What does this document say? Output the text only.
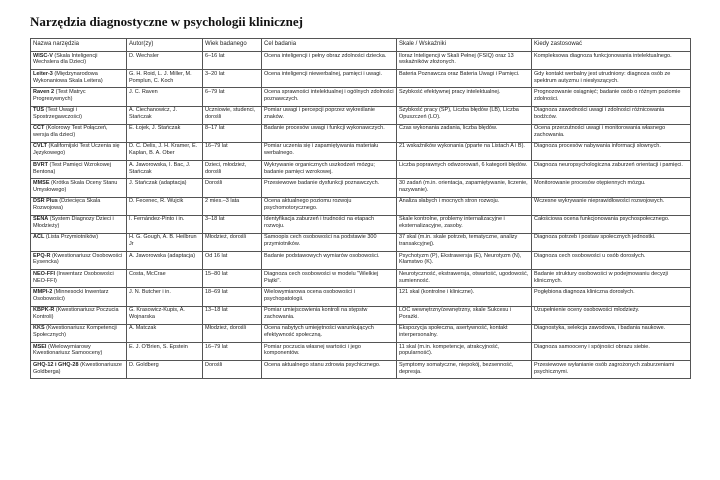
Narzędzia diagnostyczne w psychologii klinicznej
Nazwa narzędzia	Autor(zy)	Wiek badanego	Cel badania	Skale / Wskaźniki	Kiedy zastosować
WISC-V (Skala Inteligencji Wechslera dla Dzieci)	D. Wechsler	6–16 lat	Ocena inteligencji i pełny obraz zdolności dziecka.	Iloraz Inteligencji w Skali Pełnej (FSIQ) oraz 13 wskaźników złożonych.	Kompleksowa diagnoza funkcjonowania intelektualnego.
Leiter-3 (Międzynarodowa Wykonaniowa Skala Leitera)	G. H. Roid, L. J. Miller, M. Pomplun, C. Koch	3–20 lat	Ocena inteligencji niewerbalnej, pamięci i uwagi.	Bateria Poznawcza oraz Bateria Uwagi i Pamięci.	Gdy kontakt werbalny jest utrudniony: diagnoza osób ze spektrum autyzmu i niesłyszących.
Raven 2 (Test Matryc Progresywnych)	J. C. Raven	6–79 lat	Ocena sprawności intelektualnej i ogólnych zdolności poznawczych.	Szybkość efektywnej pracy intelektualnej.	Prognozowanie osiągnięć; badanie osób o różnym poziomie zdolności.
TUS (Test Uwagi i Spostrzegawczości)	A. Ciechanowicz, J. Stańczak	Uczniowie, studenci, dorośli	Pomiar uwagi i percepcji poprzez wykreślanie znaków.	Szybkość pracy (SP), Liczba błędów (LB), Liczba Opuszczeń (LO).	Diagnoza zawodności uwagi i zdolności różnicowania bodźców.
CCT (Kolorowy Test Połączeń, wersja dla dzieci)	E. Łojek, J. Stańczak	8–17 lat	Badanie procesów uwagi i funkcji wykonawczych.	Czas wykonania zadania, liczba błędów.	Ocena przerzutności uwagi i monitorowania własnego zachowania.
CVLT (Kalifornijski Test Uczenia się Językowego)	D. C. Delis, J. H. Kramer, E. Kaplan, B. A. Ober	16–79 lat	Pomiar uczenia się i zapamiętywania materiału werbalnego.	21 wskaźników wykonania (pparte na Listach A i B).	Diagnoza procesów nabywania informacji słownych.
BVRT (Test Pamięci Wzrokowej Bentona)	A. Jaworowska, I. Bac, J. Stańczak	Dzieci, młodzież, dorośli	Wykrywanie organicznych uszkodzeń mózgu; badanie pamięci wzrokowej.	Liczba poprawnych odwzorowań, 6 kategorii błędów.	Diagnoza neuropsychologiczna zaburzeń orientacji i pamięci.
MMSE (Krótka Skala Oceny Stanu Umysłowego)	J. Stańczak (adaptacja)	Dorośli	Przesiewowe badanie dysfunkcji poznawczych.	30 zadań (m.in. orientacja, zapamiętywanie, liczenie, nazywanie).	Monitorowanie procesów otępiennych mózgu.
DSR Plus (Dziecięca Skala Rozwojowa)	D. Fecenec, R. Wujcik	2 mies.–3 lata	Ocena aktualnego poziomu rozwoju psychomotorycznego.	Analiza słabych i mocnych stron rozwoju.	Wczesne wykrywanie nieprawidłowości rozwojowych.
SENA (System Diagnozy Dzieci i Młodzieży)	I. Fernández-Pinto i in.	3–18 lat	Identyfikacja zaburzeń i trudności na etapach rozwoju.	Skale kontrolne, problemy internalizacyjne i eksternalizacyjne, zasoby.	Całościowa ocena funkcjonowania psychospołecznego.
ACL (Lista Przymiotników)	H. G. Gough, A. B. Heilbrun Jr	Młodzież, dorośli	Samoopis cech osobowości na podstawie 300 przymiotników.	37 skal (m.in. skale potrzeb, tematyczne, analizy transakcyjnej).	Diagnoza potrzeb i postaw społecznych jednostki.
EPQ-R (Kwestionariusz Osobowości Eysencka)	A. Jaworowska (adaptacja)	Od 16 lat	Badanie podstawowych wymiarów osobowości.	Psychotyzm (P), Ekstrawersja (E), Neurotyzm (N), Kłamstwo (K).	Diagnoza cech osobowości u osób dorosłych.
NEO-FFI (Inwentarz Osobowości NEO-FFI)	Costa, McCrae	15–80 lat	Diagnoza cech osobowości w modelu "Wielkiej Piątki".	Neurotyczność, ekstrawersja, otwartość, ugodowość, sumienność.	Badanie struktury osobowości w podejmowaniu decyzji klinicznych.
MMPI-2 (Minnesocki Inwentarz Osobowości)	J. N. Butcher i in.	18–69 lat	Wielowymiarowa ocena osobowości i psychopatologii.	121 skal (kontrolne i kliniczne).	Pogłębiona diagnoza kliniczna dorosłych.
KBPK-R (Kwestionariusz Poczucia Kontroli)	G. Krasowicz-Kupis, A. Wojnarska	13–18 lat	Pomiar umiejscowienia kontroli na stępstw zachowania.	LOC wewnętrzny/zewnętrzny, skale Sukcesu i Porażki.	Uzupełnienie oceny osobowości młodzieży.
KKS (Kwestionariusz Kompetencji Społecznych)	A. Matczak	Młodzież, dorośli	Ocena nabytych umiejętności warunkujących efektywność społeczną.	Ekspozycja społeczna, asertywność, kontakt interpersonalny.	Diagnostyka, selekcja zawodowa, i badania naukowe.
MSEI (Wielowymiarowy Kwestionariusz Samooceny)	E. J. O'Brien, S. Epstein	16–79 lat	Pomiar poczucia własnej wartości i jego komponentów.	11 skal (m.in. kompetencje, atrakcyjność, popularność).	Diagnoza samooceny i spójności obrazu siebie.
GHQ-12 i GHQ-28 (Kwestionariusze Goldberga)	D. Goldberg	Dorośli	Ocena aktualnego stanu zdrowia psychicznego.	Symptomy somatyczne, niepokój, bezsenność, depresja.	Przesiewowe wyłanianie osób zagrożonych zaburzeniami psychicznymi.
